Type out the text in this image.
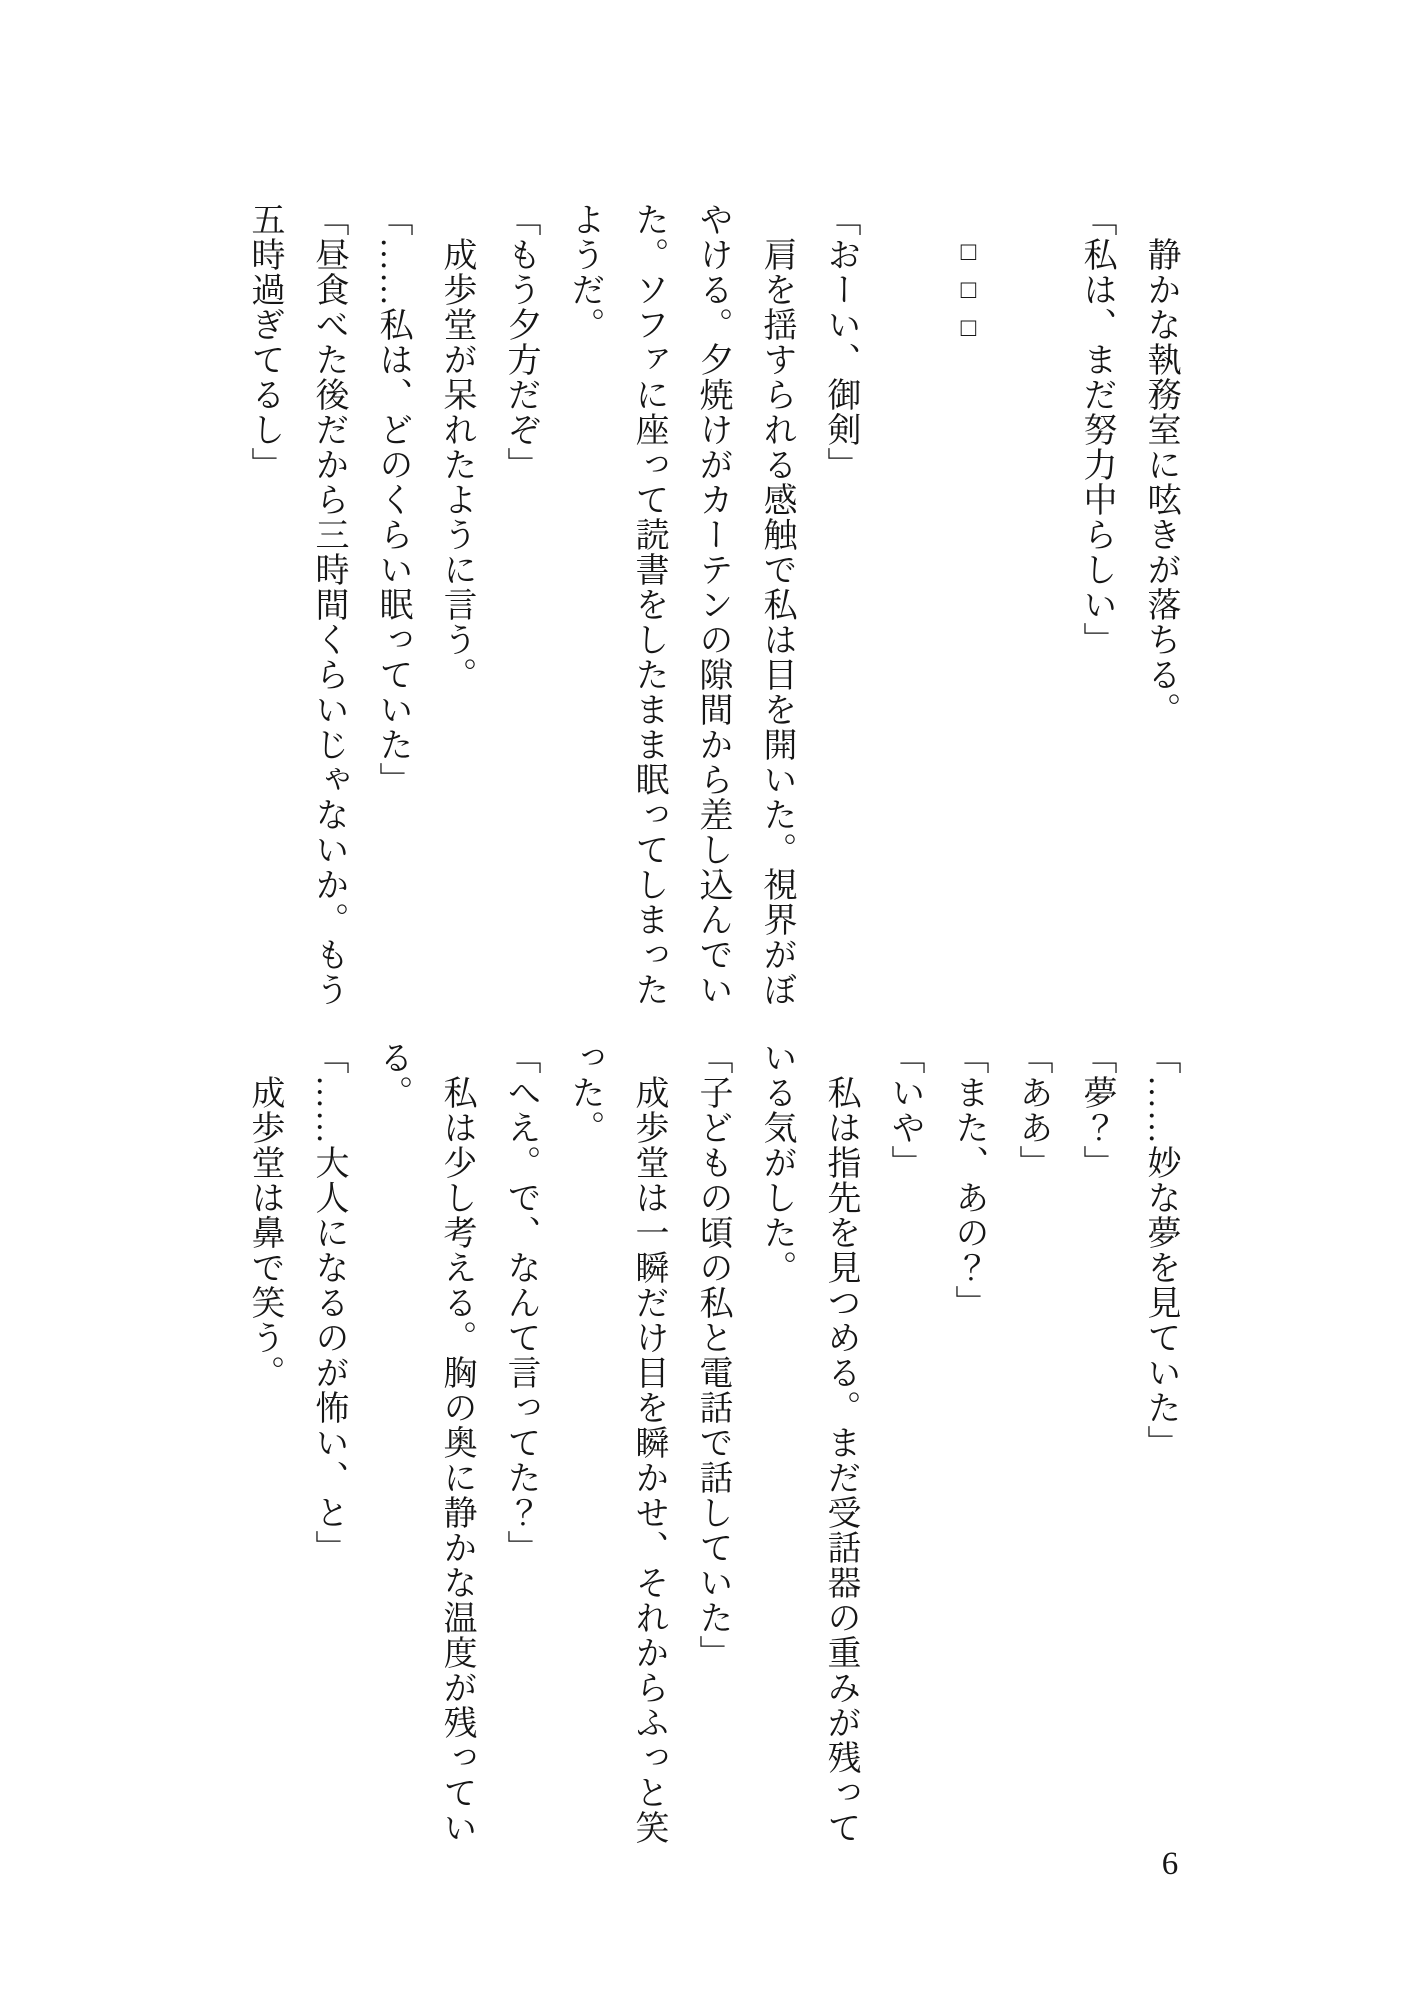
　静かな執務室に呟きが落ちる。

「私は、まだ努力中らしい」

　□□□

「おーい、御剣」

　肩を揺すられる感触で私は目を開いた。視界がぼ

やける。夕焼けがカーテンの隙間から差し込んでい

た。ソファに座って読書をしたまま眠ってしまった

ようだ。

「もう夕方だぞ」

　成歩堂が呆れたように言う。

「……私は、どのくらい眠っていた」

「昼食べた後だから三時間くらいじゃないか。もう

五時過ぎてるし」

「……妙な夢を見ていた」

「夢？」

「ああ」

「また、あの？」

「いや」

　私は指先を見つめる。まだ受話器の重みが残って

いる気がした。

「子どもの頃の私と電話で話していた」

　成歩堂は一瞬だけ目を瞬かせ、それからふっと笑

った。

「へえ。で、なんて言ってた？」

　私は少し考える。胸の奥に静かな温度が残ってい

る。

「……大人になるのが怖い、と」

　成歩堂は鼻で笑う。

6
